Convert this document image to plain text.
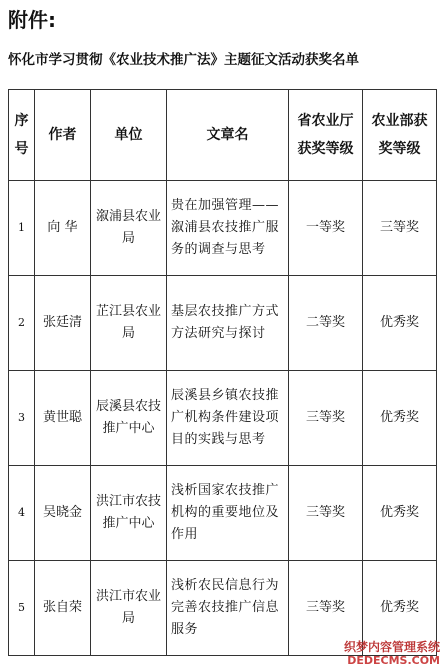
附件:
怀化市学习贯彻《农业技术推广法》主题征文活动获奖名单
序号	作者	单位	文章名	省农业厅获奖等级	农业部获奖等级
1	向 华	溆浦县农业局	贵在加强管理——溆浦县农技推广服务的调查与思考	一等奖	三等奖
2	张廷清	芷江县农业局	基层农技推广方式方法研究与探讨	二等奖	优秀奖
3	黄世聪	辰溪县农技推广中心	辰溪县乡镇农技推广机构条件建设项目的实践与思考	三等奖	优秀奖
4	吴晓金	洪江市农技推广中心	浅析国家农技推广机构的重要地位及作用	三等奖	优秀奖
5	张自荣	洪江市农业局	浅析农民信息行为完善农技推广信息服务	三等奖	优秀奖
织梦内容管理系统
DEDECMS.COM
